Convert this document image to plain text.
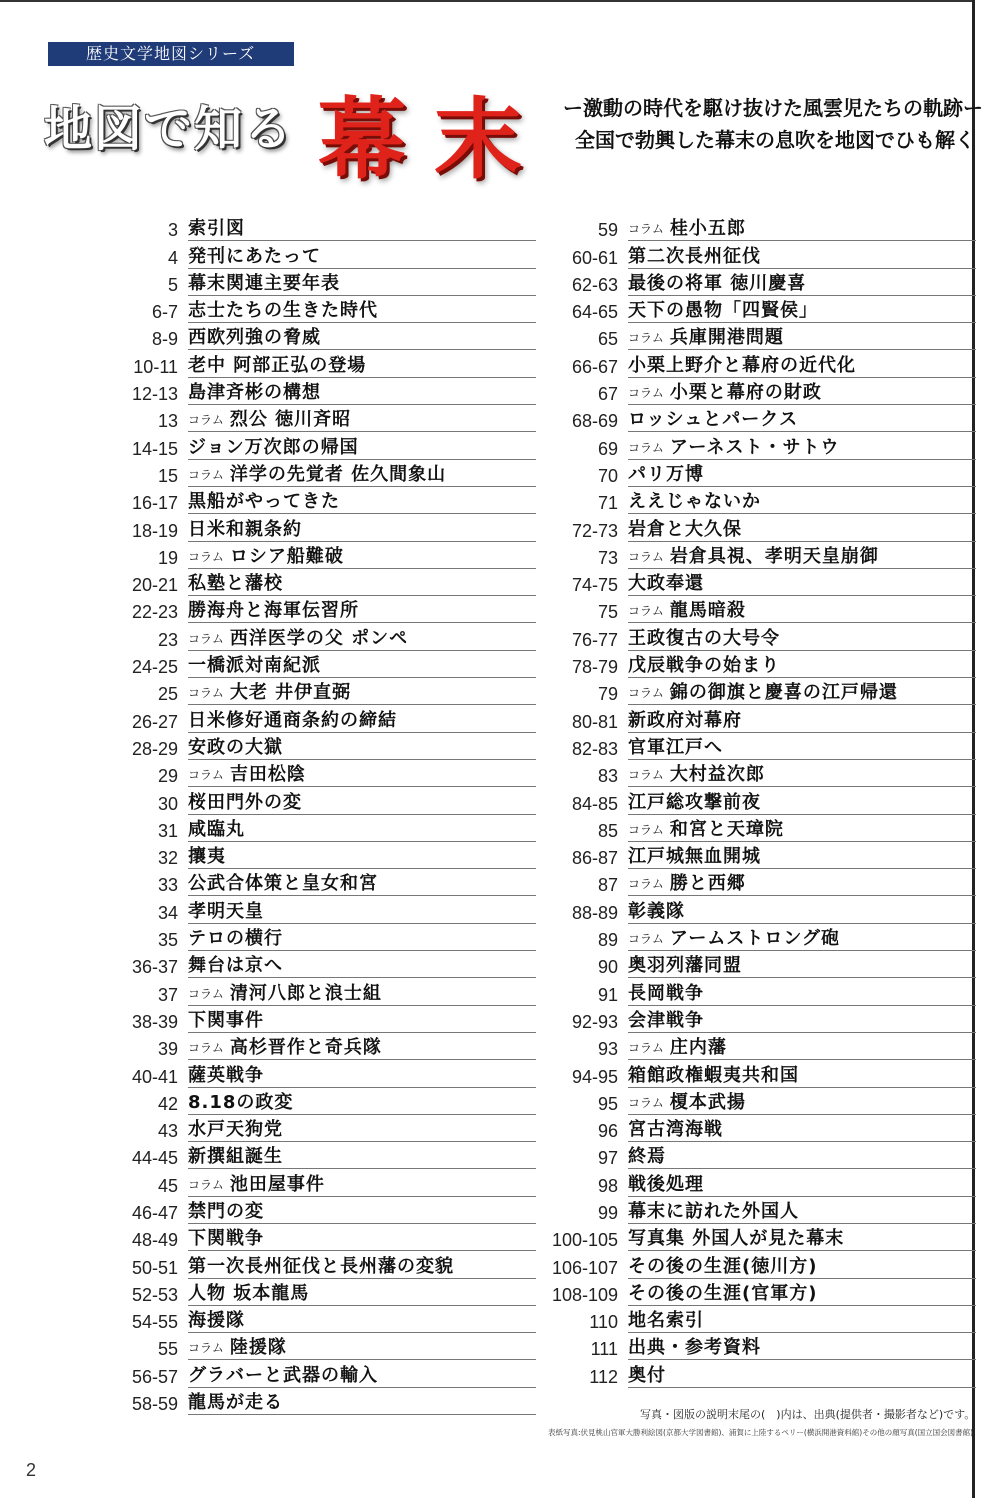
歴史文学地図シリーズ
地図で知る 幕末 ー激動の時代を駆け抜けた風雲児たちの軌跡ー
全国で勃興した幕末の息吹を地図でひも解く
3 索引図
4 発刊にあたって
5 幕末関連主要年表
6-7 志士たちの生きた時代
8-9 西欧列強の脅威
10-11 老中 阿部正弘の登場
12-13 島津斉彬の構想
13 コラム 烈公 徳川斉昭
14-15 ジョン万次郎の帰国
15 コラム 洋学の先覚者 佐久間象山
16-17 黒船がやってきた
18-19 日米和親条約
19 コラム ロシア船難破
20-21 私塾と藩校
22-23 勝海舟と海軍伝習所
23 コラム 西洋医学の父 ポンペ
24-25 一橋派対南紀派
25 コラム 大老 井伊直弼
26-27 日米修好通商条約の締結
28-29 安政の大獄
29 コラム 吉田松陰
30 桜田門外の変
31 咸臨丸
32 攘夷
33 公武合体策と皇女和宮
34 孝明天皇
35 テロの横行
36-37 舞台は京へ
37 コラム 清河八郎と浪士組
38-39 下関事件
39 コラム 高杉晋作と奇兵隊
40-41 薩英戦争
42 8.18の政変
43 水戸天狗党
44-45 新撰組誕生
45 コラム 池田屋事件
46-47 禁門の変
48-49 下関戦争
50-51 第一次長州征伐と長州藩の変貌
52-53 人物 坂本龍馬
54-55 海援隊
55 コラム 陸援隊
56-57 グラバーと武器の輸入
58-59 龍馬が走る
59 コラム 桂小五郎
60-61 第二次長州征伐
62-63 最後の将軍 徳川慶喜
64-65 天下の愚物「四賢侯」
65 コラム 兵庫開港問題
66-67 小栗上野介と幕府の近代化
67 コラム 小栗と幕府の財政
68-69 ロッシュとパークス
69 コラム アーネスト・サトウ
70 パリ万博
71 ええじゃないか
72-73 岩倉と大久保
73 コラム 岩倉具視、孝明天皇崩御
74-75 大政奉還
75 コラム 龍馬暗殺
76-77 王政復古の大号令
78-79 戊辰戦争の始まり
79 コラム 錦の御旗と慶喜の江戸帰還
80-81 新政府対幕府
82-83 官軍江戸へ
83 コラム 大村益次郎
84-85 江戸総攻撃前夜
85 コラム 和宮と天璋院
86-87 江戸城無血開城
87 コラム 勝と西郷
88-89 彰義隊
89 コラム アームストロング砲
90 奥羽列藩同盟
91 長岡戦争
92-93 会津戦争
93 コラム 庄内藩
94-95 箱館政権蝦夷共和国
95 コラム 榎本武揚
96 宮古湾海戦
97 終焉
98 戦後処理
99 幕末に訪れた外国人
100-105 写真集 外国人が見た幕末
106-107 その後の生涯(徳川方)
108-109 その後の生涯(官軍方)
110 地名索引
111 出典・参考資料
112 奥付
写真・図版の説明末尾の(　)内は、出典(提供者・撮影者など)です。
表紙写真:伏見桃山官軍大勝利絵図(京都大学図書館)、浦賀に上陸するペリー(横浜開港資料館)その他の顔写真(国立国会図書館)
2
